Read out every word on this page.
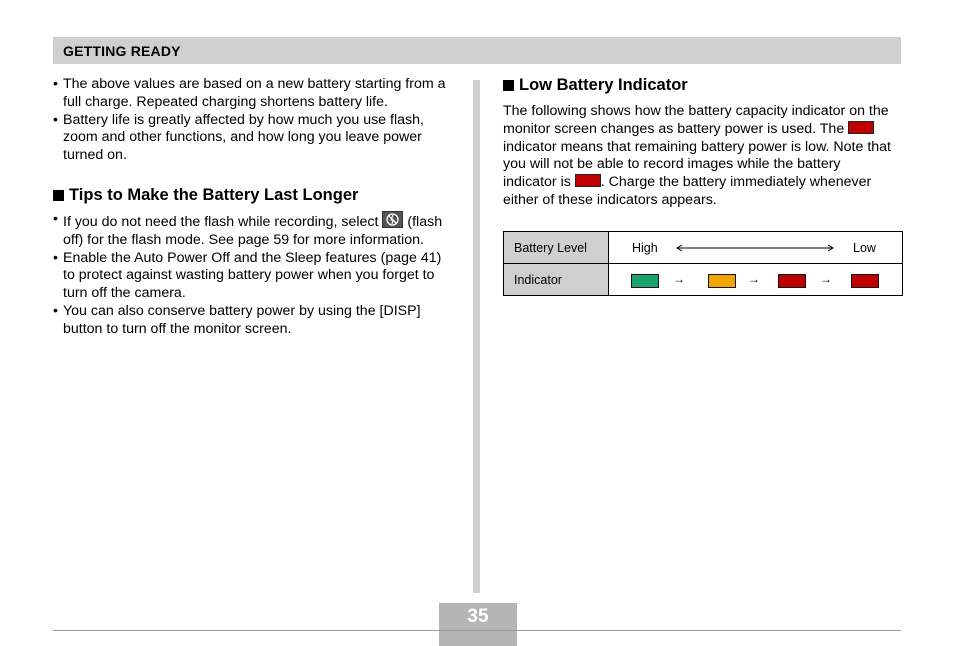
GETTING READY
• The above values are based on a new battery starting from a full charge. Repeated charging shortens battery life.
• Battery life is greatly affected by how much you use flash, zoom and other functions, and how long you leave power turned on.
Tips to Make the Battery Last Longer
• If you do not need the flash while recording, select (flash off) for the flash mode. See page 59 for more information.
• Enable the Auto Power Off and the Sleep features (page 41) to protect against wasting battery power when you forget to turn off the camera.
• You can also conserve battery power by using the [DISP] button to turn off the monitor screen.
Low Battery Indicator

The following shows how the battery capacity indicator on the monitor screen changes as battery power is used. The  indicator means that remaining battery power is low. Note that you will not be able to record images while the battery indicator is . Charge the battery immediately whenever either of these indicators appears.

Battery Level	High	Low
Indicator	→	→	→
35
